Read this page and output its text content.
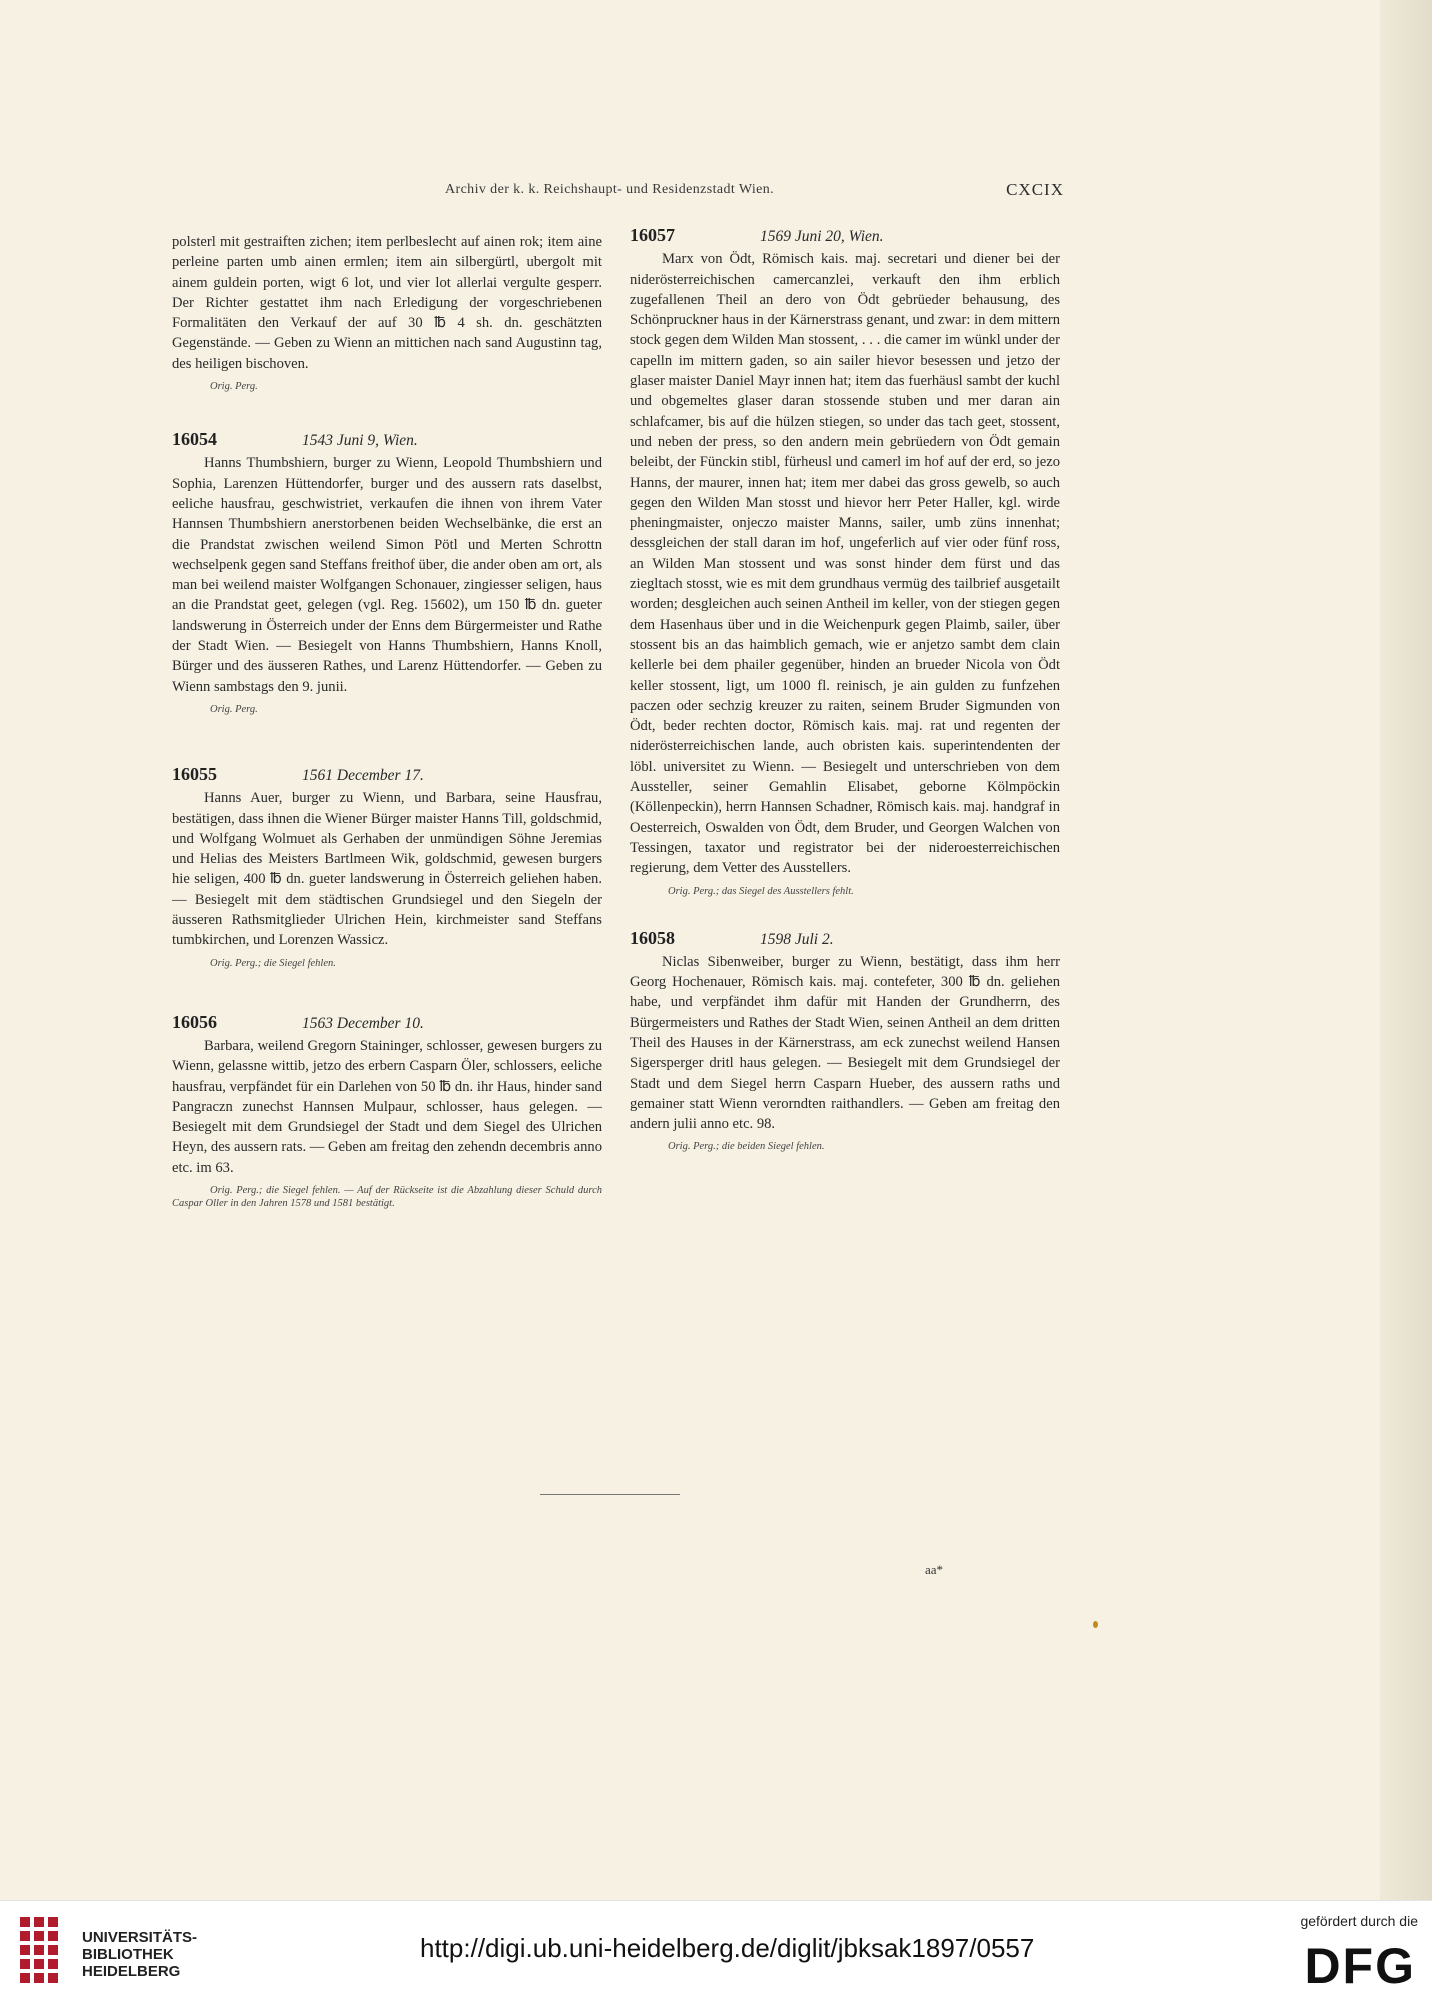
Archiv der k. k. Reichshaupt- und Residenzstadt Wien.	CXCIX

polsterl mit gestraiften zichen; item perlbeslecht auf ainen rok; item aine perleine parten umb ainen ermlen; item ain silbergürtl, ubergolt mit ainem guldein porten, wigt 6 lot, und vier lot allerlai vergulte gesperr. Der Richter gestattet ihm nach Erledigung der vorgeschriebenen Formalitäten den Verkauf der auf 30 ℔ 4 sh. dn. geschätzten Gegenstände. — Geben zu Wienn an mittichen nach sand Augustinn tag, des heiligen bischoven.

Orig. Perg.
16054	1543 Juni 9, Wien.

Hanns Thumbshiern, burger zu Wienn, Leopold Thumbshiern und Sophia, Larenzen Hüttendorfer, burger und des aussern rats daselbst, eeliche hausfrau, geschwistriet, verkaufen die ihnen von ihrem Vater Hannsen Thumbshiern anerstorbenen beiden Wechselbänke, die erst an die Prandstat zwischen weilend Simon Pötl und Merten Schrottn wechselpenk gegen sand Steffans freithof über, die ander oben am ort, als man bei weilend maister Wolfgangen Schonauer, zingiesser seligen, haus an die Prandstat geet, gelegen (vgl. Reg. 15602), um 150 ℔ dn. gueter landswerung in Österreich under der Enns dem Bürgermeister und Rathe der Stadt Wien. — Besiegelt von Hanns Thumbshiern, Hanns Knoll, Bürger und des äusseren Rathes, und Larenz Hüttendorfer. — Geben zu Wienn sambstags den 9. junii.

Orig. Perg.
16055	1561 December 17.

Hanns Auer, burger zu Wienn, und Barbara, seine Hausfrau, bestätigen, dass ihnen die Wiener Bürger maister Hanns Till, goldschmid, und Wolfgang Wolmuet als Gerhaben der unmündigen Söhne Jeremias und Helias des Meisters Bartlmeen Wik, goldschmid, gewesen burgers hie seligen, 400 ℔ dn. gueter landswerung in Österreich geliehen haben. — Besiegelt mit dem städtischen Grundsiegel und den Siegeln der äusseren Rathsmitglieder Ulrichen Hein, kirchmeister sand Steffans tumbkirchen, und Lorenzen Wassicz.

Orig. Perg.; die Siegel fehlen.
16056	1563 December 10.

Barbara, weilend Gregorn Staininger, schlosser, gewesen burgers zu Wienn, gelassne wittib, jetzo des erbern Casparn Öler, schlossers, eeliche hausfrau, verpfändet für ein Darlehen von 50 ℔ dn. ihr Haus, hinder sand Pangraczn zunechst Hannsen Mulpaur, schlosser, haus gelegen. — Besiegelt mit dem Grundsiegel der Stadt und dem Siegel des Ulrichen Heyn, des aussern rats. — Geben am freitag den zehendn decembris anno etc. im 63.

Orig. Perg.; die Siegel fehlen. — Auf der Rückseite ist die Abzahlung dieser Schuld durch Caspar Oller in den Jahren 1578 und 1581 bestätigt.
16057	1569 Juni 20, Wien.

Marx von Ödt, Römisch kais. maj. secretari und diener bei der niderösterreichischen camercanzlei, verkauft den ihm erblich zugefallenen Theil an dero von Ödt gebrüeder behausung, des Schönpruckner haus in der Kärnerstrass genant, und zwar: in dem mittern stock gegen dem Wilden Man stossent, . . . die camer im wünkl under der capelln im mittern gaden, so ain sailer hievor besessen und jetzo der glaser maister Daniel Mayr innen hat; item das fuerhäusl sambt der kuchl und obgemeltes glaser daran stossende stuben und mer daran ain schlafcamer, bis auf die hülzen stiegen, so under das tach geet, stossent, und neben der press, so den andern mein gebrüedern von Ödt gemain beleibt, der Fünckin stibl, fürheusl und camerl im hof auf der erd, so jezo Hanns, der maurer, innen hat; item mer dabei das gross gewelb, so auch gegen den Wilden Man stosst und hievor herr Peter Haller, kgl. wirde pheningmaister, onjeczo maister Manns, sailer, umb züns innenhat; dessgleichen der stall daran im hof, ungeferlich auf vier oder fünf ross, an Wilden Man stossent und was sonst hinder dem fürst und das ziegltach stosst, wie es mit dem grundhaus vermüg des tailbrief ausgetailt worden; desgleichen auch seinen Antheil im keller, von der stiegen gegen dem Hasenhaus über und in die Weichenpurk gegen Plaimb, sailer, über stossent bis an das haimblich gemach, wie er anjetzo sambt dem clain kellerle bei dem phailer gegenüber, hinden an brueder Nicola von Ödt keller stossent, ligt, um 1000 fl. reinisch, je ain gulden zu funfzehen paczen oder sechzig kreuzer zu raiten, seinem Bruder Sigmunden von Ödt, beder rechten doctor, Römisch kais. maj. rat und regenten der niderösterreichischen lande, auch obristen kais. superintendenten der löbl. universitet zu Wienn. — Besiegelt und unterschrieben von dem Aussteller, seiner Gemahlin Elisabet, geborne Kölmpöckin (Köllenpeckin), herrn Hannsen Schadner, Römisch kais. maj. handgraf in Oesterreich, Oswalden von Ödt, dem Bruder, und Georgen Walchen von Tessingen, taxator und registrator bei der nideroesterreichischen regierung, dem Vetter des Ausstellers.

Orig. Perg.; das Siegel des Ausstellers fehlt.
16058	1598 Juli 2.

Niclas Sibenweiber, burger zu Wienn, bestätigt, dass ihm herr Georg Hochenauer, Römisch kais. maj. contefeter, 300 ℔ dn. geliehen habe, und verpfändet ihm dafür mit Handen der Grundherrn, des Bürgermeisters und Rathes der Stadt Wien, seinen Antheil an dem dritten Theil des Hauses in der Kärnerstrass, am eck zunechst weilend Hansen Sigersperger dritl haus gelegen. — Besiegelt mit dem Grundsiegel der Stadt und dem Siegel herrn Casparn Hueber, des aussern raths und gemainer statt Wienn verorndten raithandlers. — Geben am freitag den andern julii anno etc. 98.

Orig. Perg.; die beiden Siegel fehlen.
aa*
UNIVERSITÄTS-
BIBLIOTHEK
HEIDELBERG
http://digi.ub.uni-heidelberg.de/diglit/jbksak1897/0557
gefördert durch die
DFG
